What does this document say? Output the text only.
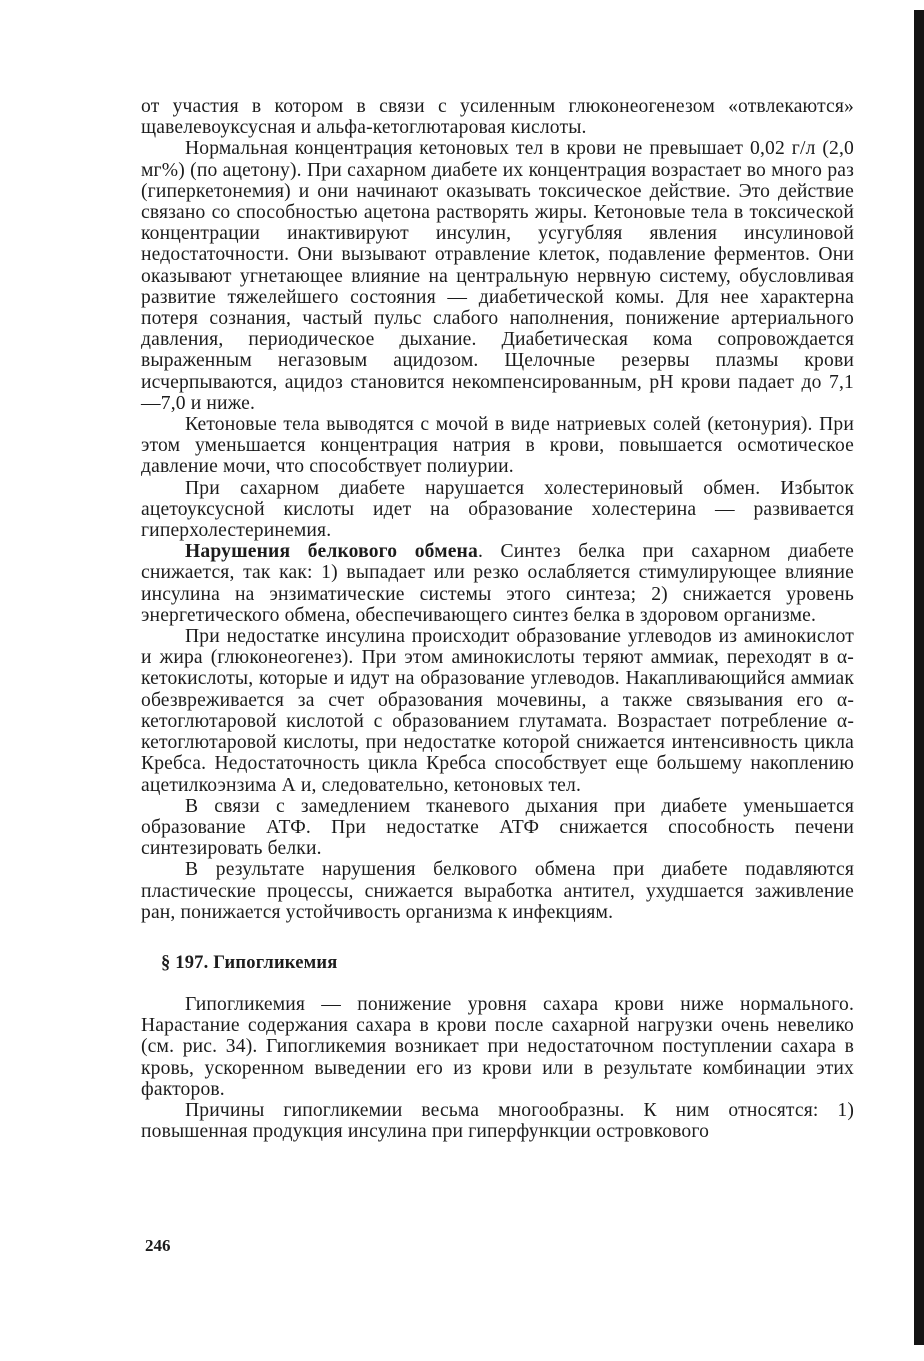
от участия в котором в связи с усиленным глюконеогенезом «отвлекаются» щавелевоуксусная и альфа-кетоглютаровая кислоты.

Нормальная концентрация кетоновых тел в крови не превышает 0,02 г/л (2,0 мг%) (по ацетону). При сахарном диабете их концентрация возрастает во много раз (гиперкетонемия) и они начинают оказывать токсическое действие. Это действие связано со способностью ацетона растворять жиры. Кетоновые тела в токсической концентрации инактивируют инсулин, усугубляя явления инсулиновой недостаточности. Они вызывают отравление клеток, подавление ферментов. Они оказывают угнетающее влияние на центральную нервную систему, обусловливая развитие тяжелейшего состояния — диабетической комы. Для нее характерна потеря сознания, частый пульс слабого наполнения, понижение артериального давления, периодическое дыхание. Диабетическая кома сопровождается выраженным негазовым ацидозом. Щелочные резервы плазмы крови исчерпываются, ацидоз становится некомпенсированным, pH крови падает до 7,1—7,0 и ниже.

Кетоновые тела выводятся с мочой в виде натриевых солей (кетонурия). При этом уменьшается концентрация натрия в крови, повышается осмотическое давление мочи, что способствует полиурии.

При сахарном диабете нарушается холестериновый обмен. Избыток ацетоуксусной кислоты идет на образование холестерина — развивается гиперхолестеринемия.

Нарушения белкового обмена. Синтез белка при сахарном диабете снижается, так как: 1) выпадает или резко ослабляется стимулирующее влияние инсулина на энзиматические системы этого синтеза; 2) снижается уровень энергетического обмена, обеспечивающего синтез белка в здоровом организме.

При недостатке инсулина происходит образование углеводов из аминокислот и жира (глюконеогенез). При этом аминокислоты теряют аммиак, переходят в α-кетокислоты, которые и идут на образование углеводов. Накапливающийся аммиак обезвреживается за счет образования мочевины, а также связывания его α-кетоглютаровой кислотой с образованием глутамата. Возрастает потребление α-кетоглютаровой кислоты, при недостатке которой снижается интенсивность цикла Кребса. Недостаточность цикла Кребса способствует еще большему накоплению ацетилкоэнзима А и, следовательно, кетоновых тел.

В связи с замедлением тканевого дыхания при диабете уменьшается образование АТФ. При недостатке АТФ снижается способность печени синтезировать белки.

В результате нарушения белкового обмена при диабете подавляются пластические процессы, снижается выработка антител, ухудшается заживление ран, понижается устойчивость организма к инфекциям.

§ 197. Гипогликемия

Гипогликемия — понижение уровня сахара крови ниже нормального. Нарастание содержания сахара в крови после сахарной нагрузки очень невелико (см. рис. 34). Гипогликемия возникает при недостаточном поступлении сахара в кровь, ускоренном выведении его из крови или в результате комбинации этих факторов.

Причины гипогликемии весьма многообразны. К ним относятся: 1) повышенная продукция инсулина при гиперфункции островкового

246
